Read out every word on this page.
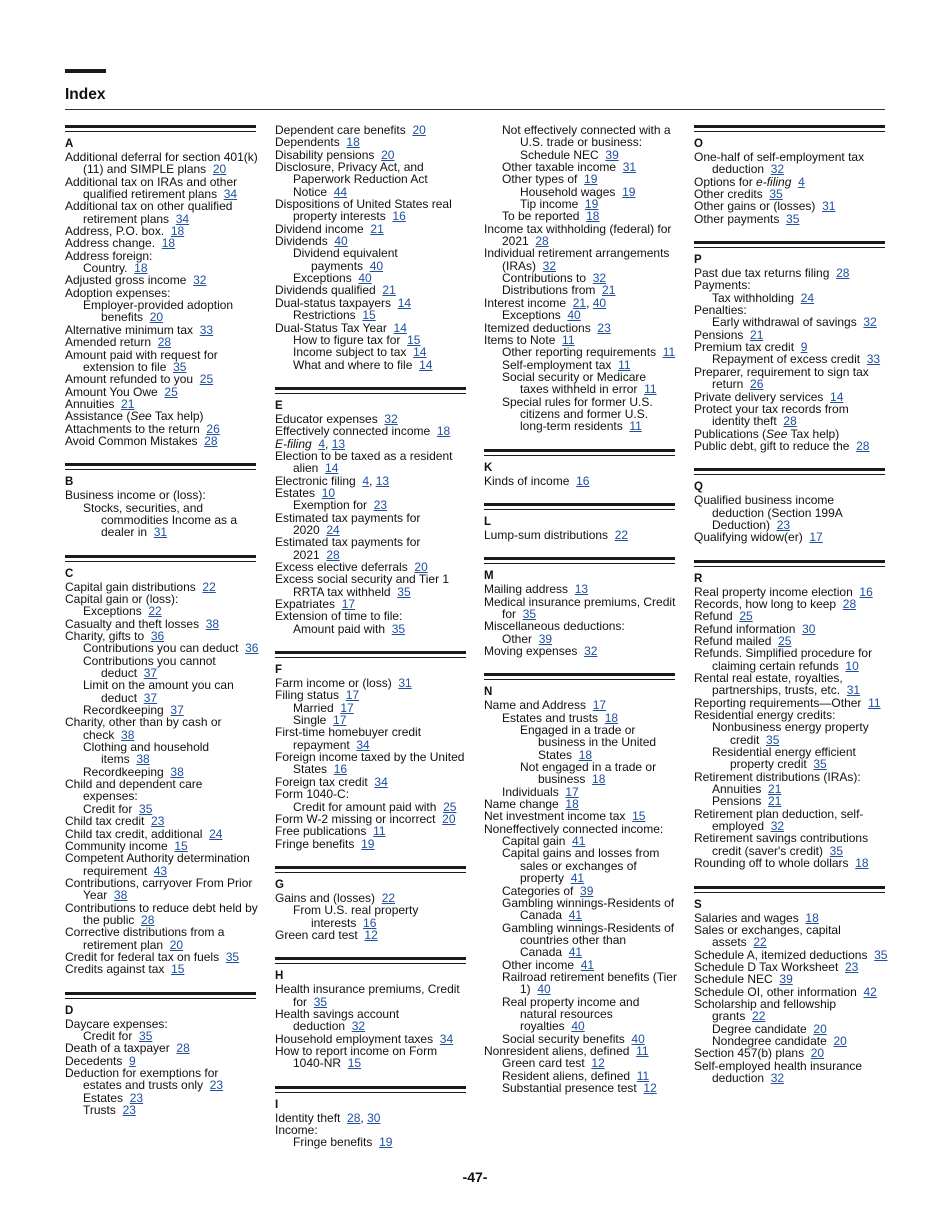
Index
A
Additional deferral for section 401(k)(11) and SIMPLE plans 20
Additional tax on IRAs and other qualified retirement plans 34
Additional tax on other qualified retirement plans 34
Address, P.O. box. 18
Address change. 18
Address foreign:
Country. 18
Adjusted gross income 32
Adoption expenses:
Employer-provided adoption benefits 20
Alternative minimum tax 33
Amended return 28
Amount paid with request for extension to file 35
Amount refunded to you 25
Amount You Owe 25
Annuities 21
Assistance (See Tax help)
Attachments to the return 26
Avoid Common Mistakes 28
B
Business income or (loss):
Stocks, securities, and commodities Income as a dealer in 31
C
Capital gain distributions 22
Capital gain or (loss):
Exceptions 22
Casualty and theft losses 38
Charity, gifts to 36
Contributions you can deduct 36
Contributions you cannot deduct 37
Limit on the amount you can deduct 37
Recordkeeping 37
Charity, other than by cash or check 38
Clothing and household items 38
Recordkeeping 38
Child and dependent care expenses:
Credit for 35
Child tax credit 23
Child tax credit, additional 24
Community income 15
Competent Authority determination requirement 43
Contributions, carryover From Prior Year 38
Contributions to reduce debt held by the public 28
Corrective distributions from a retirement plan 20
Credit for federal tax on fuels 35
Credits against tax 15
D
Daycare expenses:
Credit for 35
Death of a taxpayer 28
Decedents 9
Deduction for exemptions for estates and trusts only 23
Estates 23
Trusts 23
Dependent care benefits 20
Dependents 18
Disability pensions 20
Disclosure, Privacy Act, and Paperwork Reduction Act Notice 44
Dispositions of United States real property interests 16
Dividend income 21
Dividends 40
Dividend equivalent payments 40
Exceptions 40
Dividends qualified 21
Dual-status taxpayers 14
Restrictions 15
Dual-Status Tax Year 14
How to figure tax for 15
Income subject to tax 14
What and where to file 14
E
Educator expenses 32
Effectively connected income 18
E-filing 4, 13
Election to be taxed as a resident alien 14
Electronic filing 4, 13
Estates 10
Exemption for 23
Estimated tax payments for 2020 24
Estimated tax payments for 2021 28
Excess elective deferrals 20
Excess social security and Tier 1 RRTA tax withheld 35
Expatriates 17
Extension of time to file:
Amount paid with 35
F
Farm income or (loss) 31
Filing status 17
Married 17
Single 17
First-time homebuyer credit repayment 34
Foreign income taxed by the United States 16
Foreign tax credit 34
Form 1040-C:
Credit for amount paid with 25
Form W-2 missing or incorrect 20
Free publications 11
Fringe benefits 19
G
Gains and (losses) 22
From U.S. real property interests 16
Green card test 12
H
Health insurance premiums, Credit for 35
Health savings account deduction 32
Household employment taxes 34
How to report income on Form 1040-NR 15
I
Identity theft 28, 30
Income:
Fringe benefits 19
Not effectively connected with a U.S. trade or business: Schedule NEC 39
Other taxable income 31
Other types of 19
Household wages 19
Tip income 19
To be reported 18
Income tax withholding (federal) for 2021 28
Individual retirement arrangements (IRAs) 32
Contributions to 32
Distributions from 21
Interest income 21, 40
Exceptions 40
Itemized deductions 23
Items to Note 11
Other reporting requirements 11
Self-employment tax 11
Social security or Medicare taxes withheld in error 11
Special rules for former U.S. citizens and former U.S. long-term residents 11
K
Kinds of income 16
L
Lump-sum distributions 22
M
Mailing address 13
Medical insurance premiums, Credit for 35
Miscellaneous deductions:
Other 39
Moving expenses 32
N
Name and Address 17
Estates and trusts 18
Engaged in a trade or business in the United States 18
Not engaged in a trade or business 18
Individuals 17
Name change 18
Net investment income tax 15
Noneffectively connected income:
Capital gain 41
Capital gains and losses from sales or exchanges of property 41
Categories of 39
Gambling winnings-Residents of Canada 41
Gambling winnings-Residents of countries other than Canada 41
Other income 41
Railroad retirement benefits (Tier 1) 40
Real property income and natural resources royalties 40
Social security benefits 40
Nonresident aliens, defined 11
Green card test 12
Resident aliens, defined 11
Substantial presence test 12
O
One-half of self-employment tax deduction 32
Options for e-filing 4
Other credits 35
Other gains or (losses) 31
Other payments 35
P
Past due tax returns filing 28
Payments:
Tax withholding 24
Penalties:
Early withdrawal of savings 32
Pensions 21
Premium tax credit 9
Repayment of excess credit 33
Preparer, requirement to sign tax return 26
Private delivery services 14
Protect your tax records from identity theft 28
Publications (See Tax help)
Public debt, gift to reduce the 28
Q
Qualified business income deduction (Section 199A Deduction) 23
Qualifying widow(er) 17
R
Real property income election 16
Records, how long to keep 28
Refund 25
Refund information 30
Refund mailed 25
Refunds. Simplified procedure for claiming certain refunds 10
Rental real estate, royalties, partnerships, trusts, etc. 31
Reporting requirements—Other 11
Residential energy credits:
Nonbusiness energy property credit 35
Residential energy efficient property credit 35
Retirement distributions (IRAs):
Annuities 21
Pensions 21
Retirement plan deduction, self-employed 32
Retirement savings contributions credit (saver's credit) 35
Rounding off to whole dollars 18
S
Salaries and wages 18
Sales or exchanges, capital assets 22
Schedule A, itemized deductions 35
Schedule D Tax Worksheet 23
Schedule NEC 39
Schedule OI, other information 42
Scholarship and fellowship grants 22
Degree candidate 20
Nondegree candidate 20
Section 457(b) plans 20
Self-employed health insurance deduction 32
-47-
